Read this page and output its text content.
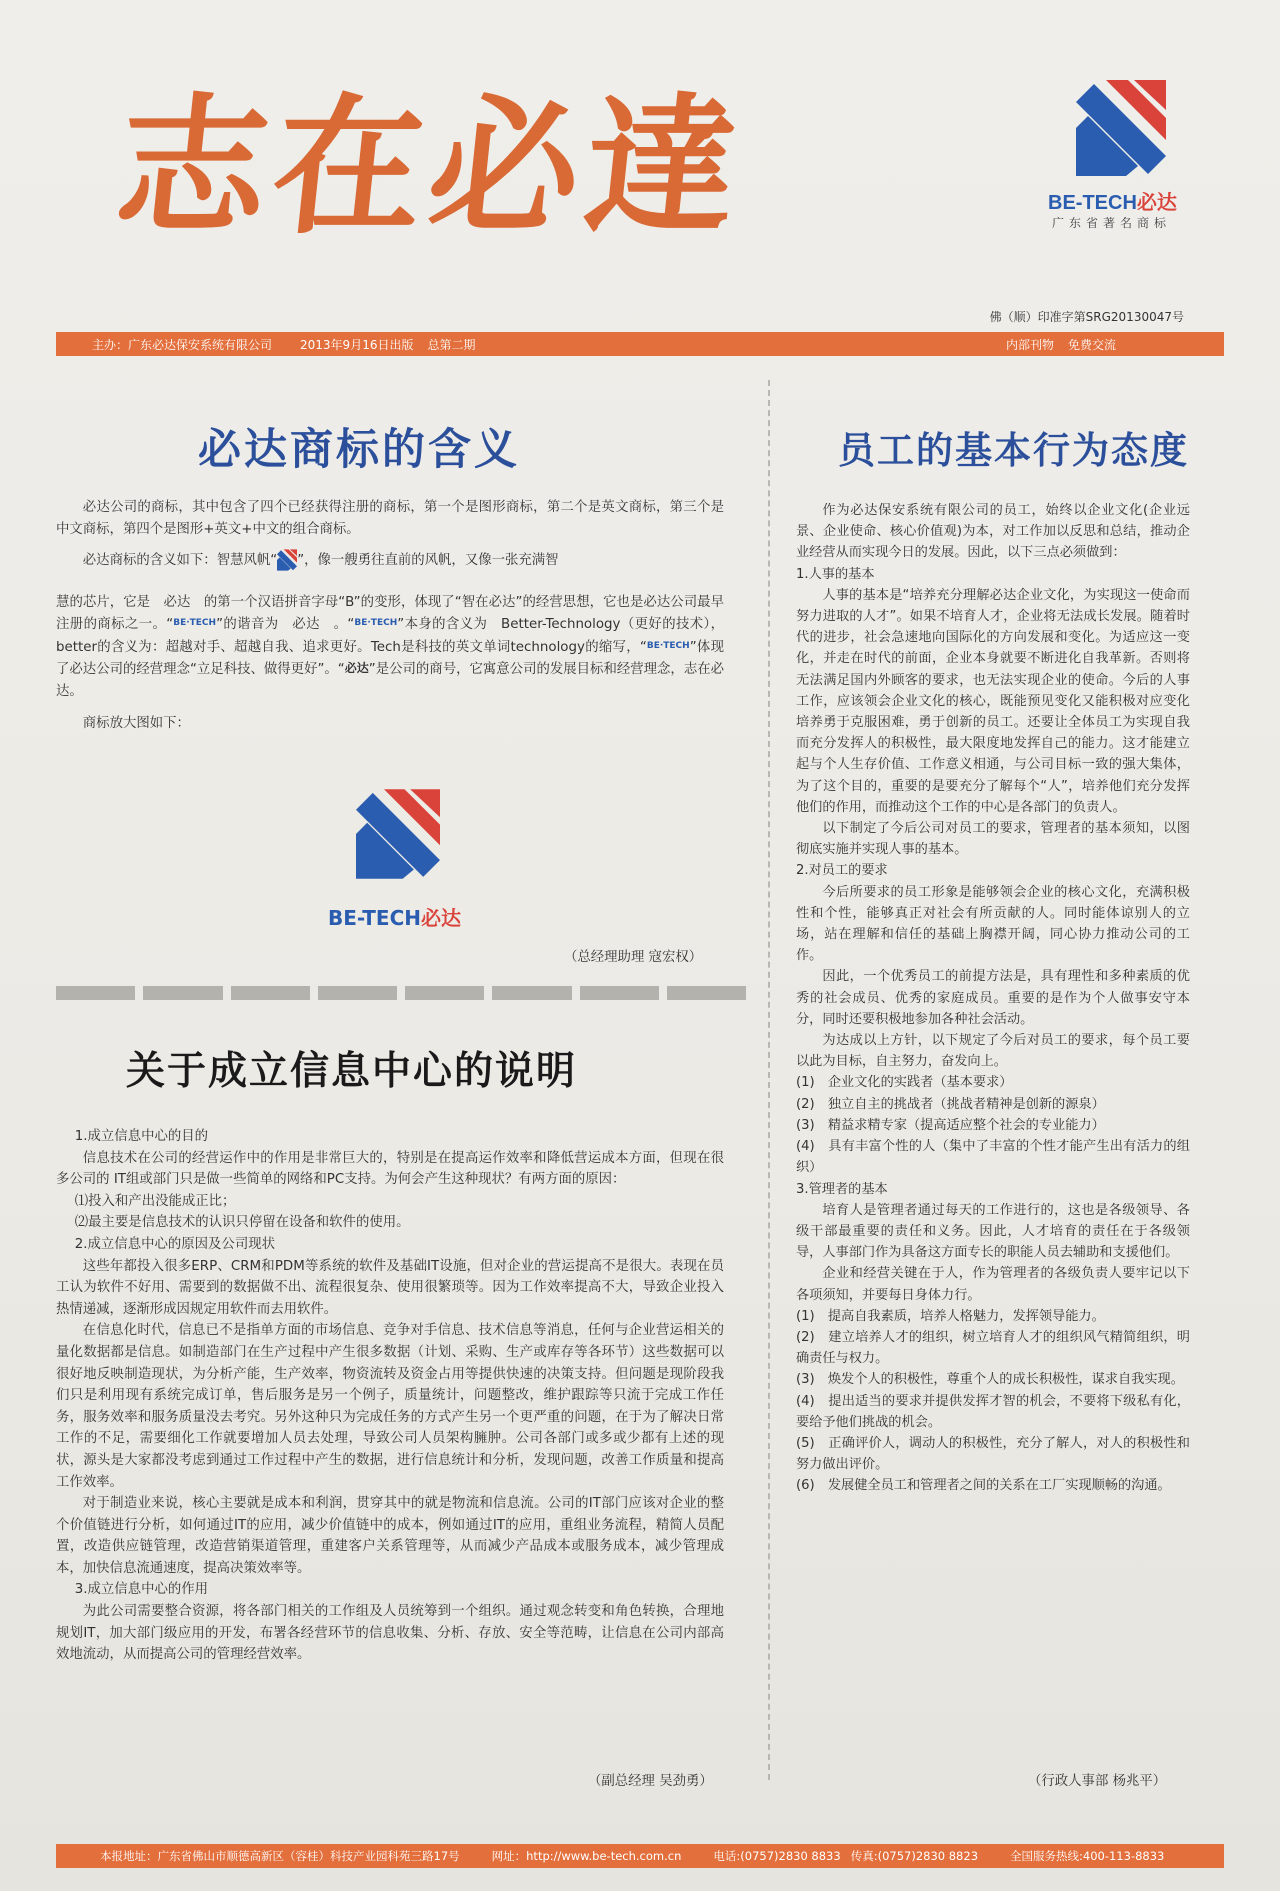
志在必達	BE-TECH必达
广东省著名商标
佛（顺）印准字第SRG20130047号
主办：广东必达保安系统有限公司 2013年9月16日出版 总第二期	内部刊物 免费交流
必达商标的含义

必达公司的商标，其中包含了四个已经获得注册的商标，第一个是图形商标，第二个是英文商标，第三个是中文商标，第四个是图形+英文+中文的组合商标。

必达商标的含义如下：智慧风帆“ ”，像一艘勇往直前的风帆，又像一张充满智

慧的芯片，它是　必达　的第一个汉语拼音字母“B”的变形，体现了“智在必达”的经营思想，它也是必达公司最早注册的商标之一。“BE·TECH”的谐音为　必达　。“BE·TECH”本身的含义为　Better-Technology（更好的技术），better的含义为：超越对手、超越自我、追求更好。Tech是科技的英文单词technology的缩写，“BE·TECH”体现了必达公司的经营理念“立足科技、做得更好”。“必达”是公司的商号，它寓意公司的发展目标和经营理念，志在必达。

商标放大图如下：

BE-TECH必达
（总经理助理 寇宏权）
关于成立信息中心的说明

1.成立信息中心的目的

信息技术在公司的经营运作中的作用是非常巨大的，特别是在提高运作效率和降低营运成本方面，但现在很多公司的 IT组或部门只是做一些简单的网络和PC支持。为何会产生这种现状？有两方面的原因：

⑴投入和产出没能成正比；

⑵最主要是信息技术的认识只停留在设备和软件的使用。

2.成立信息中心的原因及公司现状

这些年都投入很多ERP、CRM和PDM等系统的软件及基础IT设施，但对企业的营运提高不是很大。表现在员工认为软件不好用、需要到的数据做不出、流程很复杂、使用很繁琐等。因为工作效率提高不大，导致企业投入热情递减，逐渐形成因规定用软件而去用软件。

在信息化时代，信息已不是指单方面的市场信息、竞争对手信息、技术信息等消息，任何与企业营运相关的量化数据都是信息。如制造部门在生产过程中产生很多数据（计划、采购、生产或库存等各环节）这些数据可以很好地反映制造现状，为分析产能，生产效率，物资流转及资金占用等提供快速的决策支持。但问题是现阶段我们只是利用现有系统完成订单，售后服务是另一个例子，质量统计，问题整改，维护跟踪等只流于完成工作任务，服务效率和服务质量没去考究。另外这种只为完成任务的方式产生另一个更严重的问题，在于为了解决日常工作的不足，需要细化工作就要增加人员去处理，导致公司人员架构臃肿。公司各部门或多或少都有上述的现状，源头是大家都没考虑到通过工作过程中产生的数据，进行信息统计和分析，发现问题，改善工作质量和提高工作效率。

对于制造业来说，核心主要就是成本和利润，贯穿其中的就是物流和信息流。公司的IT部门应该对企业的整个价值链进行分析，如何通过IT的应用，减少价值链中的成本，例如通过IT的应用，重组业务流程，精简人员配置，改造供应链管理，改造营销渠道管理，重建客户关系管理等，从而减少产品成本或服务成本，减少管理成本，加快信息流通速度，提高决策效率等。

3.成立信息中心的作用

为此公司需要整合资源，将各部门相关的工作组及人员统筹到一个组织。通过观念转变和角色转换，合理地规划IT，加大部门级应用的开发，布署各经营环节的信息收集、分析、存放、安全等范畴，让信息在公司内部高效地流动，从而提高公司的管理经营效率。

（副总经理 吴劲勇）
员工的基本行为态度

作为必达保安系统有限公司的员工，始终以企业文化(企业远景、企业使命、核心价值观)为本，对工作加以反思和总结，推动企业经营从而实现今日的发展。因此，以下三点必须做到：

1.人事的基本

人事的基本是“培养充分理解必达企业文化，为实现这一使命而努力进取的人才”。如果不培育人才，企业将无法成长发展。随着时代的进步，社会急速地向国际化的方向发展和变化。为适应这一变化，并走在时代的前面，企业本身就要不断进化自我革新。否则将无法满足国内外顾客的要求，也无法实现企业的使命。今后的人事工作，应该领会企业文化的核心，既能预见变化又能积极对应变化培养勇于克服困难，勇于创新的员工。还要让全体员工为实现自我而充分发挥人的积极性，最大限度地发挥自己的能力。这才能建立起与个人生存价值、工作意义相通，与公司目标一致的强大集体，为了这个目的，重要的是要充分了解每个“人”，培养他们充分发挥他们的作用，而推动这个工作的中心是各部门的负责人。

以下制定了今后公司对员工的要求，管理者的基本须知，以图彻底实施并实现人事的基本。

2.对员工的要求

今后所要求的员工形象是能够领会企业的核心文化，充满积极性和个性，能够真正对社会有所贡献的人。同时能体谅别人的立场，站在理解和信任的基础上胸襟开阔，同心协力推动公司的工作。

因此，一个优秀员工的前提方法是，具有理性和多种素质的优秀的社会成员、优秀的家庭成员。重要的是作为个人做事安守本分，同时还要积极地参加各种社会活动。

为达成以上方针，以下规定了今后对员工的要求，每个员工要以此为目标，自主努力，奋发向上。

(1)　企业文化的实践者（基本要求）

(2)　独立自主的挑战者（挑战者精神是创新的源泉）

(3)　精益求精专家（提高适应整个社会的专业能力）

(4)　具有丰富个性的人（集中了丰富的个性才能产生出有活力的组织）

3.管理者的基本

培育人是管理者通过每天的工作进行的，这也是各级领导、各级干部最重要的责任和义务。因此，人才培育的责任在于各级领导，人事部门作为具备这方面专长的职能人员去辅助和支援他们。

企业和经营关键在于人，作为管理者的各级负责人要牢记以下各项须知，并要每日身体力行。

(1)　提高自我素质，培养人格魅力，发挥领导能力。

(2)　建立培养人才的组织，树立培育人才的组织风气精简组织，明确责任与权力。

(3)　焕发个人的积极性，尊重个人的成长积极性，谋求自我实现。

(4)　提出适当的要求并提供发挥才智的机会，不要将下级私有化，要给予他们挑战的机会。

(5)　正确评价人，调动人的积极性，充分了解人，对人的积极性和努力做出评价。

(6)　发展健全员工和管理者之间的关系在工厂实现顺畅的沟通。

（行政人事部 杨兆平）
本报地址：广东省佛山市顺德高新区（容桂）科技产业园科苑三路17号	网址：http://www.be-tech.com.cn	电话:(0757)2830 8833 传真:(0757)2830 8823	全国服务热线:400-113-8833
